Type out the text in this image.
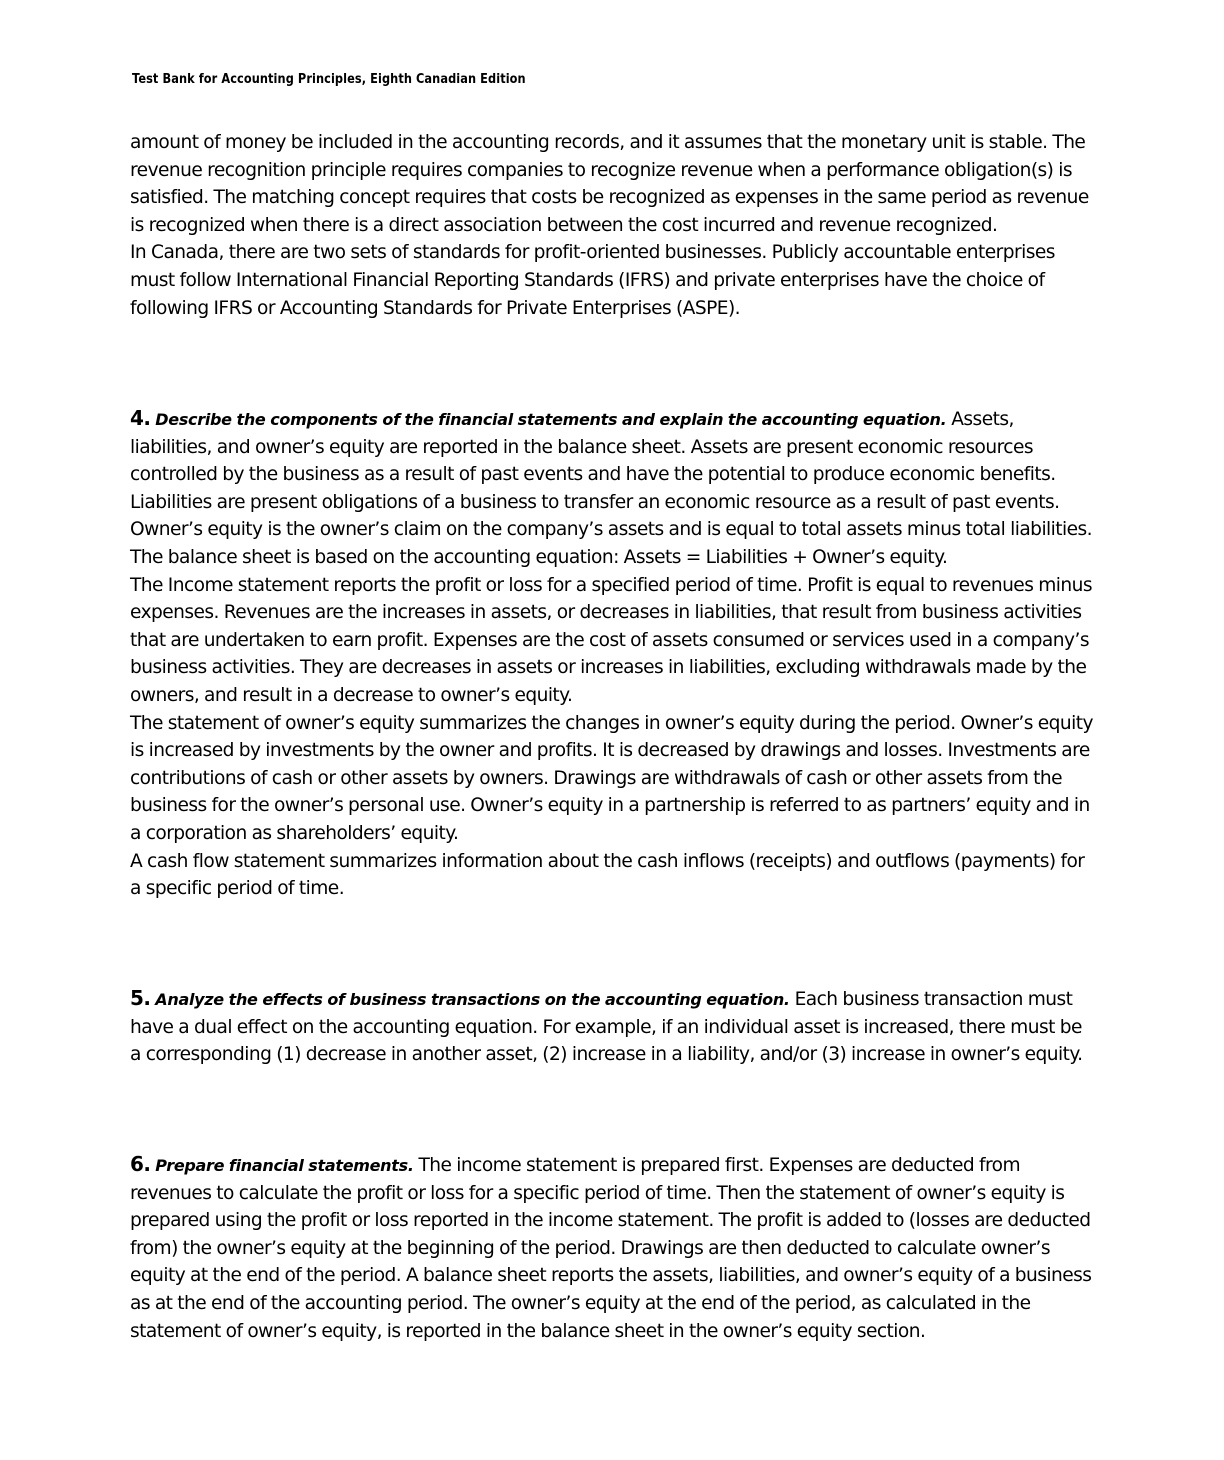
Test Bank for Accounting Principles, Eighth Canadian Edition

amount of money be included in the accounting records, and it assumes that the monetary unit is stable. The revenue recognition principle requires companies to recognize revenue when a performance obligation(s) is satisfied. The matching concept requires that costs be recognized as expenses in the same period as revenue is recognized when there is a direct association between the cost incurred and revenue recognized.

In Canada, there are two sets of standards for profit-oriented businesses. Publicly accountable enterprises must follow International Financial Reporting Standards (IFRS) and private enterprises have the choice of following IFRS or Accounting Standards for Private Enterprises (ASPE).

4. Describe the components of the financial statements and explain the accounting equation. Assets, liabilities, and owner’s equity are reported in the balance sheet. Assets are present economic resources controlled by the business as a result of past events and have the potential to produce economic benefits. Liabilities are present obligations of a business to transfer an economic resource as a result of past events. Owner’s equity is the owner’s claim on the company’s assets and is equal to total assets minus total liabilities. The balance sheet is based on the accounting equation: Assets = Liabilities + Owner’s equity.

The Income statement reports the profit or loss for a specified period of time. Profit is equal to revenues minus expenses. Revenues are the increases in assets, or decreases in liabilities, that result from business activities that are undertaken to earn profit. Expenses are the cost of assets consumed or services used in a company’s business activities. They are decreases in assets or increases in liabilities, excluding withdrawals made by the owners, and result in a decrease to owner’s equity.

The statement of owner’s equity summarizes the changes in owner’s equity during the period. Owner’s equity is increased by investments by the owner and profits. It is decreased by drawings and losses. Investments are contributions of cash or other assets by owners. Drawings are withdrawals of cash or other assets from the business for the owner’s personal use. Owner’s equity in a partnership is referred to as partners’ equity and in a corporation as shareholders’ equity.

A cash flow statement summarizes information about the cash inflows (receipts) and outflows (payments) for a specific period of time.

5. Analyze the effects of business transactions on the accounting equation. Each business transaction must have a dual effect on the accounting equation. For example, if an individual asset is increased, there must be a corresponding (1) decrease in another asset, (2) increase in a liability, and/or (3) increase in owner’s equity.

6. Prepare financial statements. The income statement is prepared first. Expenses are deducted from revenues to calculate the profit or loss for a specific period of time. Then the statement of owner’s equity is prepared using the profit or loss reported in the income statement. The profit is added to (losses are deducted from) the owner’s equity at the beginning of the period. Drawings are then deducted to calculate owner’s equity at the end of the period. A balance sheet reports the assets, liabilities, and owner’s equity of a business as at the end of the accounting period. The owner’s equity at the end of the period, as calculated in the statement of owner’s equity, is reported in the balance sheet in the owner’s equity section.
